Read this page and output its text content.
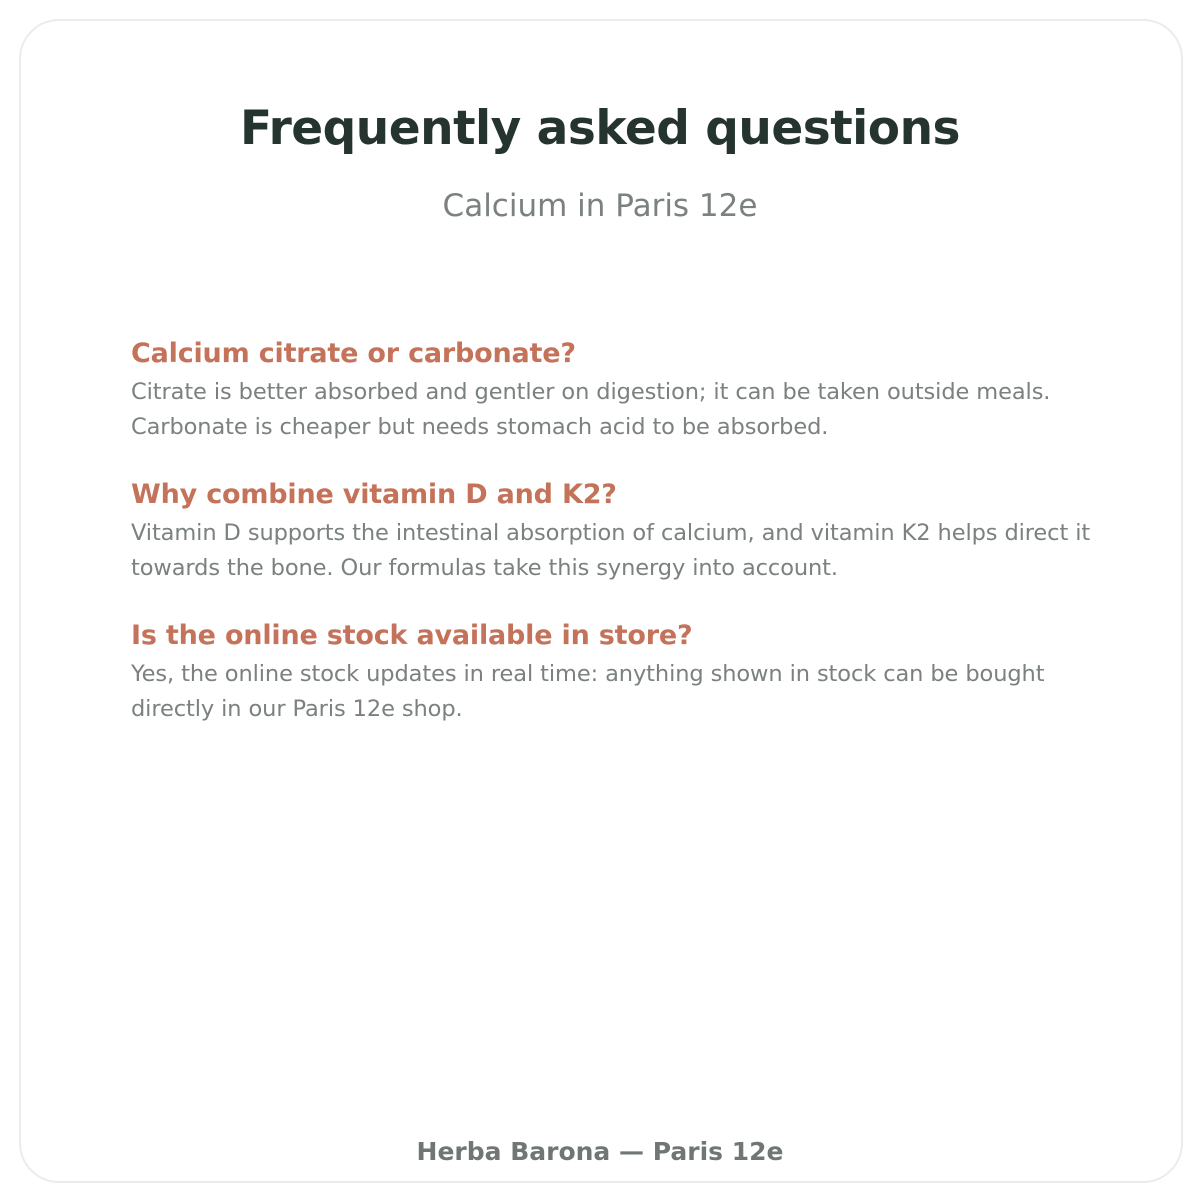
Frequently asked questions
Calcium in Paris 12e
Calcium citrate or carbonate?
Citrate is better absorbed and gentler on digestion; it can be taken outside meals. Carbonate is cheaper but needs stomach acid to be absorbed.
Why combine vitamin D and K2?
Vitamin D supports the intestinal absorption of calcium, and vitamin K2 helps direct it towards the bone. Our formulas take this synergy into account.
Is the online stock available in store?
Yes, the online stock updates in real time: anything shown in stock can be bought directly in our Paris 12e shop.
Herba Barona — Paris 12e
